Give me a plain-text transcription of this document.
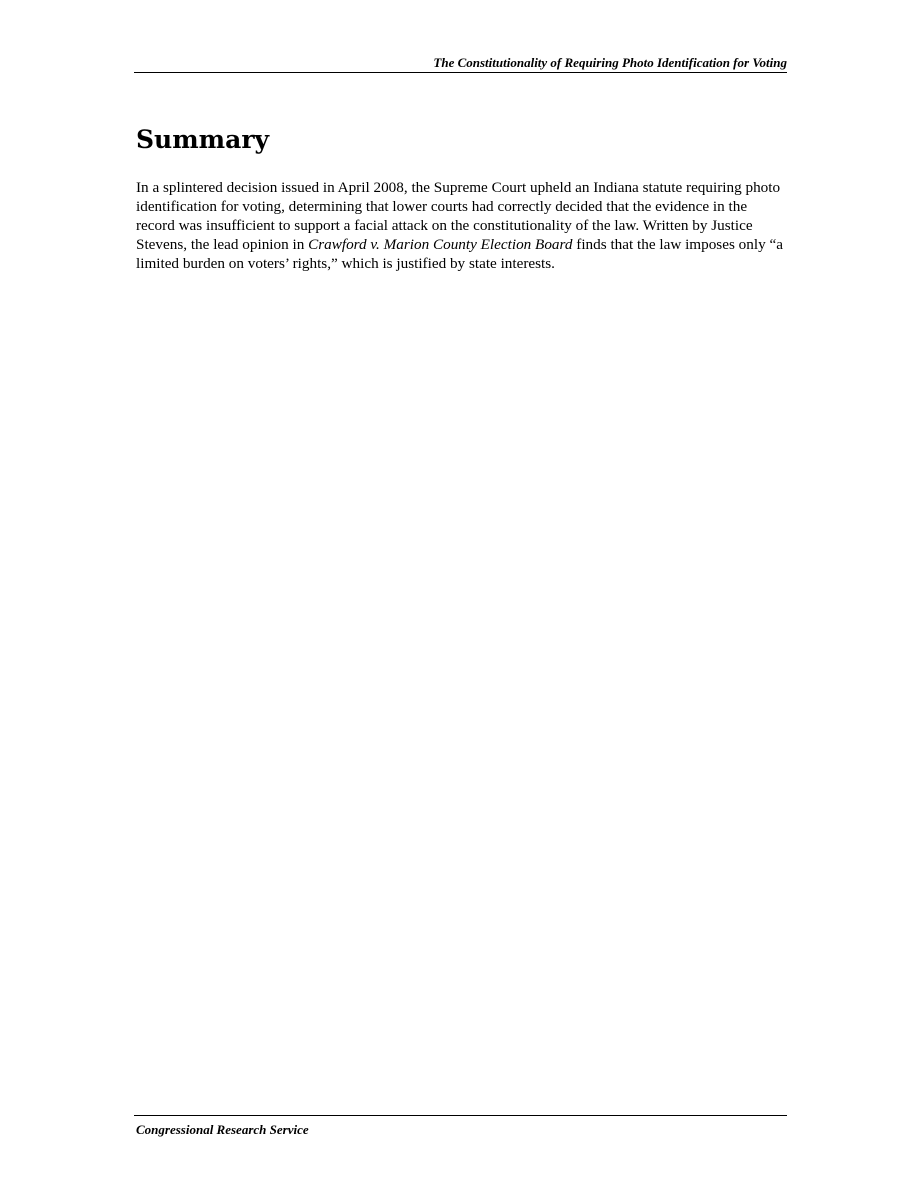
The Constitutionality of Requiring Photo Identification for Voting
Summary

In a splintered decision issued in April 2008, the Supreme Court upheld an Indiana statute requiring photo identification for voting, determining that lower courts had correctly decided that the evidence in the record was insufficient to support a facial attack on the constitutionality of the law. Written by Justice Stevens, the lead opinion in Crawford v. Marion County Election Board finds that the law imposes only “a limited burden on voters’ rights,” which is justified by state interests.

Congressional Research Service
